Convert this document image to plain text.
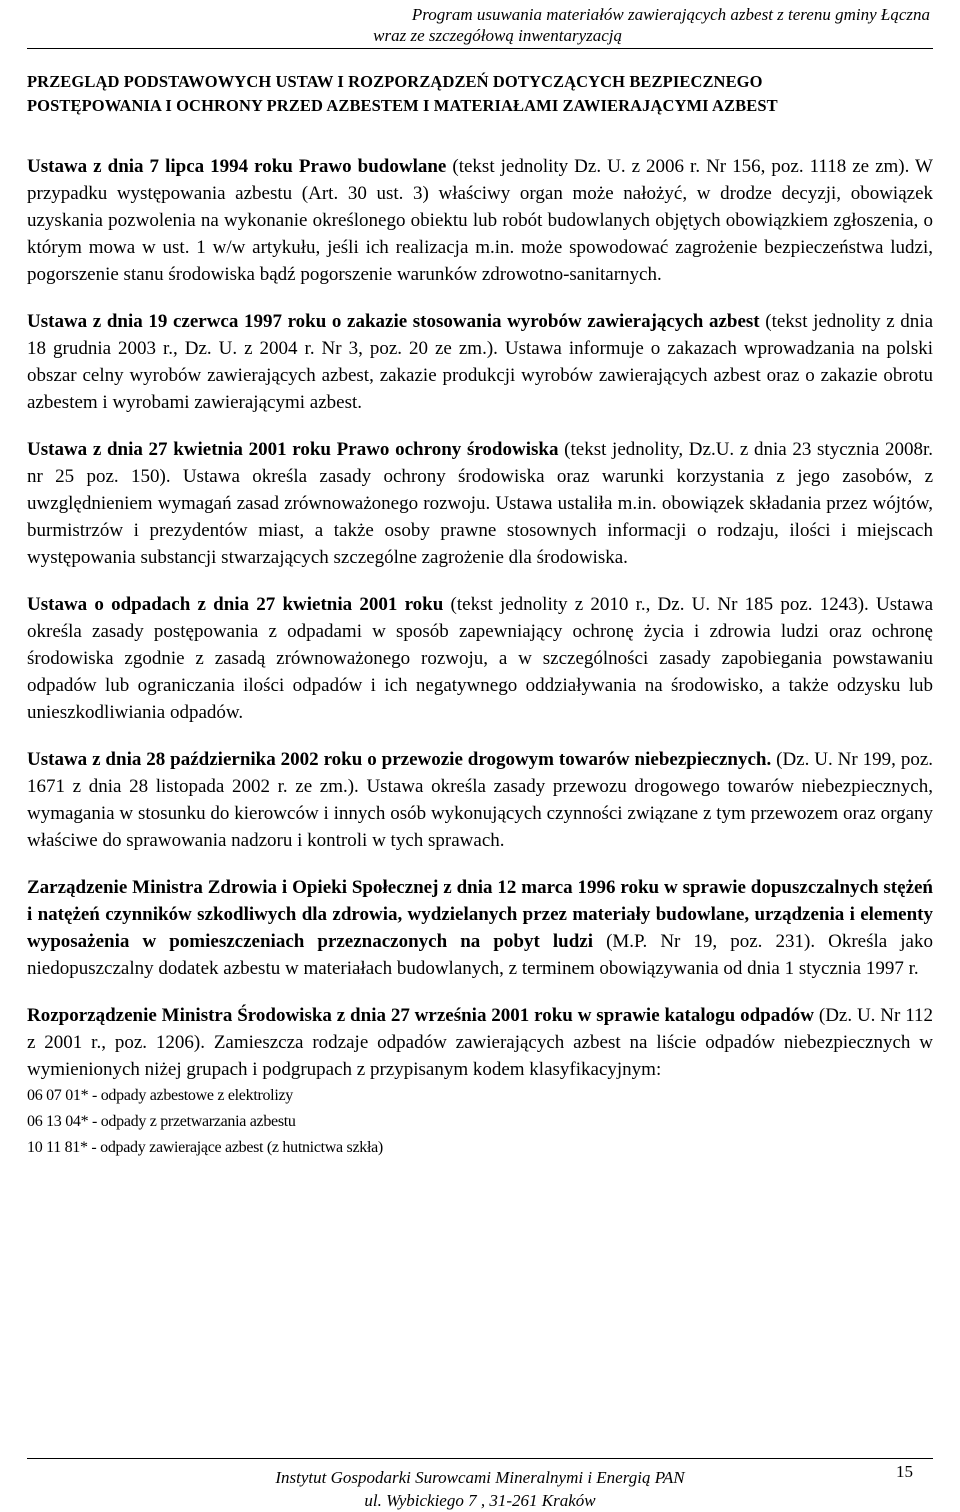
Program usuwania materiałów zawierających azbest z terenu gminy Łączna
wraz ze szczegółową inwentaryzacją
PRZEGLĄD PODSTAWOWYCH USTAW I ROZPORZĄDZEŃ DOTYCZĄCYCH BEZPIECZNEGO
POSTĘPOWANIA I OCHRONY PRZED AZBESTEM I MATERIAŁAMI ZAWIERAJĄCYMI AZBEST

Ustawa z dnia 7 lipca 1994 roku Prawo budowlane (tekst jednolity Dz. U. z 2006 r. Nr 156, poz. 1118 ze zm). W przypadku występowania azbestu (Art. 30 ust. 3) właściwy organ może nałożyć, w drodze decyzji, obowiązek uzyskania pozwolenia na wykonanie określonego obiektu lub robót budowlanych objętych obowiązkiem zgłoszenia, o którym mowa w ust. 1 w/w artykułu, jeśli ich realizacja m.in. może spowodować zagrożenie bezpieczeństwa ludzi, pogorszenie stanu środowiska bądź pogorszenie warunków zdrowotno-sanitarnych.

Ustawa z dnia 19 czerwca 1997 roku o zakazie stosowania wyrobów zawierających azbest (tekst jednolity z dnia 18 grudnia 2003 r., Dz. U. z 2004 r. Nr 3, poz. 20 ze zm.). Ustawa informuje o zakazach wprowadzania na polski obszar celny wyrobów zawierających azbest, zakazie produkcji wyrobów zawierających azbest oraz o zakazie obrotu azbestem i wyrobami zawierającymi azbest.

Ustawa z dnia 27 kwietnia 2001 roku Prawo ochrony środowiska (tekst jednolity, Dz.U. z dnia 23 stycznia 2008r. nr 25 poz. 150). Ustawa określa zasady ochrony środowiska oraz warunki korzystania z jego zasobów, z uwzględnieniem wymagań zasad zrównoważonego rozwoju. Ustawa ustaliła m.in. obowiązek składania przez wójtów, burmistrzów i prezydentów miast, a także osoby prawne stosownych informacji o rodzaju, ilości i miejscach występowania substancji stwarzających szczególne zagrożenie dla środowiska.

Ustawa o odpadach z dnia 27 kwietnia 2001 roku (tekst jednolity z 2010 r., Dz. U. Nr 185 poz. 1243). Ustawa określa zasady postępowania z odpadami w sposób zapewniający ochronę życia i zdrowia ludzi oraz ochronę środowiska zgodnie z zasadą zrównoważonego rozwoju, a w szczególności zasady zapobiegania powstawaniu odpadów lub ograniczania ilości odpadów i ich negatywnego oddziaływania na środowisko, a także odzysku lub unieszkodliwiania odpadów.

Ustawa z dnia 28 października 2002 roku o przewozie drogowym towarów niebezpiecznych. (Dz. U. Nr 199, poz. 1671 z dnia 28 listopada 2002 r. ze zm.). Ustawa określa zasady przewozu drogowego towarów niebezpiecznych, wymagania w stosunku do kierowców i innych osób wykonujących czynności związane z tym przewozem oraz organy właściwe do sprawowania nadzoru i kontroli w tych sprawach.

Zarządzenie Ministra Zdrowia i Opieki Społecznej z dnia 12 marca 1996 roku w sprawie dopuszczalnych stężeń i natężeń czynników szkodliwych dla zdrowia, wydzielanych przez materiały budowlane, urządzenia i elementy wyposażenia w pomieszczeniach przeznaczonych na pobyt ludzi (M.P. Nr 19, poz. 231). Określa jako niedopuszczalny dodatek azbestu w materiałach budowlanych, z terminem obowiązywania od dnia 1 stycznia 1997 r.

Rozporządzenie Ministra Środowiska z dnia 27 września 2001 roku w sprawie katalogu odpadów (Dz. U. Nr 112 z 2001 r., poz. 1206). Zamieszcza rodzaje odpadów zawierających azbest na liście odpadów niebezpiecznych w wymienionych niżej grupach i podgrupach z przypisanym kodem klasyfikacyjnym:

06 07 01* - odpady azbestowe z elektrolizy
06 13 04* - odpady z przetwarzania azbestu
10 11 81* - odpady zawierające azbest (z hutnictwa szkła)
Instytut Gospodarki Surowcami Mineralnymi i Energią PAN
ul. Wybickiego 7 , 31-261 Kraków
15
